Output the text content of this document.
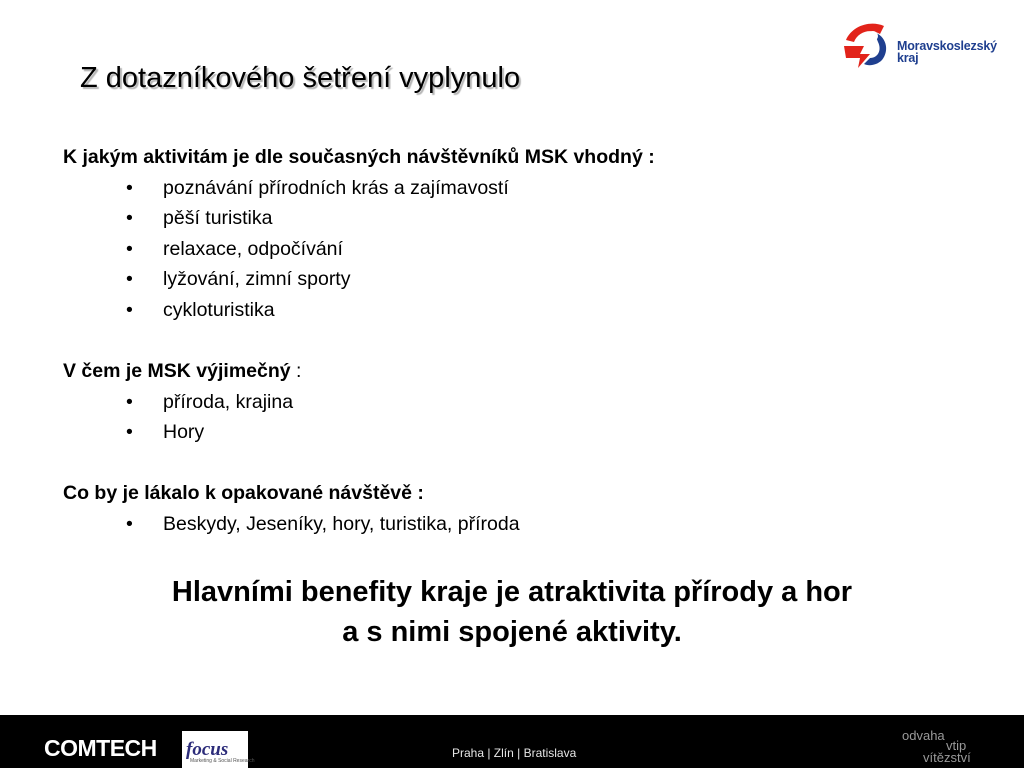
Moravskoslezský
kraj
Z dotazníkového šetření vyplynulo
K jakým aktivitám je dle současných návštěvníků MSK vhodný :
• poznávání přírodních krás a zajímavostí
• pěší turistika
• relaxace, odpočívání
• lyžování, zimní sporty
• cykloturistika
V čem je MSK výjimečný :
• příroda, krajina
• Hory
Co by je lákalo k opakované návštěvě :
• Beskydy, Jeseníky, hory, turistika, příroda
Hlavními benefity kraje je atraktivita přírody a hor
a s nimi spojené aktivity.
COMTECH focus
Marketing & Social Research
Praha | Zlín | Bratislava
odvaha
vtip
vítězství
